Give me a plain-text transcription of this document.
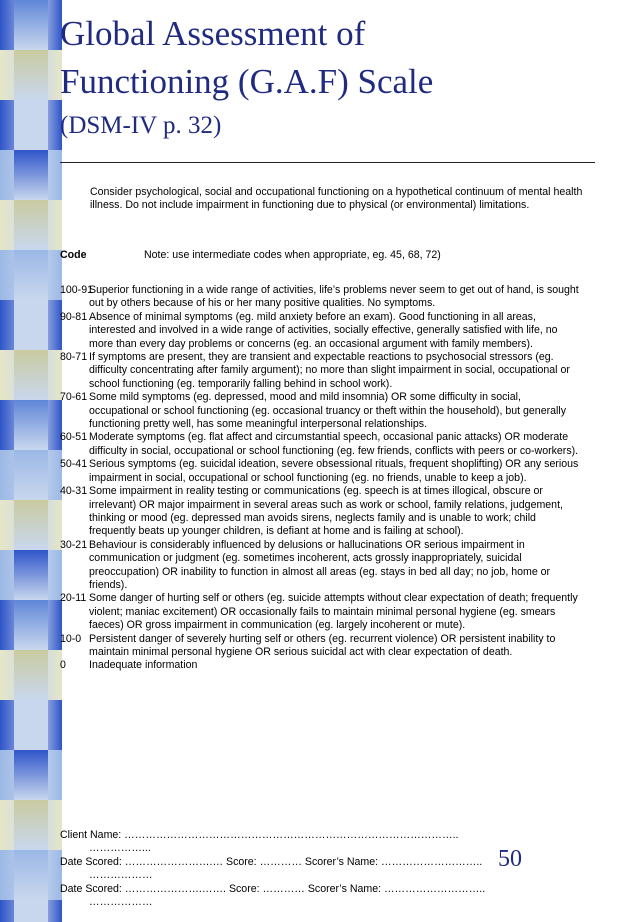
Global Assessment of
Functioning (G.A.F) Scale
(DSM-IV p. 32)
Consider psychological, social and occupational functioning on a hypothetical continuum of mental health illness. Do not include impairment in functioning due to physical (or environmental) limitations.
Code	Note: use intermediate codes when appropriate, eg. 45, 68, 72)
100-91
Superior functioning in a wide range of activities, life’s problems never seem to get out of hand, is sought out by others because of his or her many positive qualities. No symptoms.
90-81 Absence of minimal symptoms (eg. mild anxiety before an exam). Good functioning in all areas, interested and involved in a wide range of activities, socially effective, generally satisfied with life, no more than every day problems or concerns (eg. an occasional argument with family members).
80-71 If symptoms are present, they are transient and expectable reactions to psychosocial stressors (eg. difficulty concentrating after family argument); no more than slight impairment in social, occupational or school functioning (eg. temporarily falling behind in school work).
70-61 Some mild symptoms (eg. depressed, mood and mild insomnia) OR some difficulty in social, occupational or school functioning (eg. occasional truancy or theft within the household), but generally functioning pretty well, has some meaningful interpersonal relationships.
60-51 Moderate symptoms (eg. flat affect and circumstantial speech, occasional panic attacks) OR moderate difficulty in social, occupational or school functioning (eg. few friends, conflicts with peers or co-workers).
50-41 Serious symptoms (eg. suicidal ideation, severe obsessional rituals, frequent shoplifting) OR any serious impairment in social, occupational or school functioning (eg. no friends, unable to keep a job).
40-31 Some impairment in reality testing or communications (eg. speech is at times illogical, obscure or irrelevant) OR major impairment in several areas such as work or school, family relations, judgement, thinking or mood (eg. depressed man avoids sirens, neglects family and is unable to work; child frequently beats up younger children, is defiant at home and is failing at school).
30-21 Behaviour is considerably influenced by delusions or hallucinations OR serious impairment in communication or judgment (eg. sometimes incoherent, acts grossly inappropriately, suicidal preoccupation) OR inability to function in almost all areas (eg. stays in bed all day; no job, home or friends).
20-11 Some danger of hurting self or others (eg. suicide attempts without clear expectation of death; frequently violent; maniac excitement) OR occasionally fails to maintain minimal personal hygiene (eg. smears faeces) OR gross impairment in communication (eg. largely incoherent or mute).
10-0 Persistent danger of severely hurting self or others (eg. recurrent violence) OR persistent inability to maintain minimal personal hygiene OR serious suicidal act with clear expectation of death.
0 Inadequate information
Client Name: …………………………………………………………………………………..
……………...
Date Scored: …………………….… Score: ………… Scorer’s Name: ………………………..
………………
Date Scored: ………………….……. Score: ………… Scorer’s Name: ………………………..
………………
50
